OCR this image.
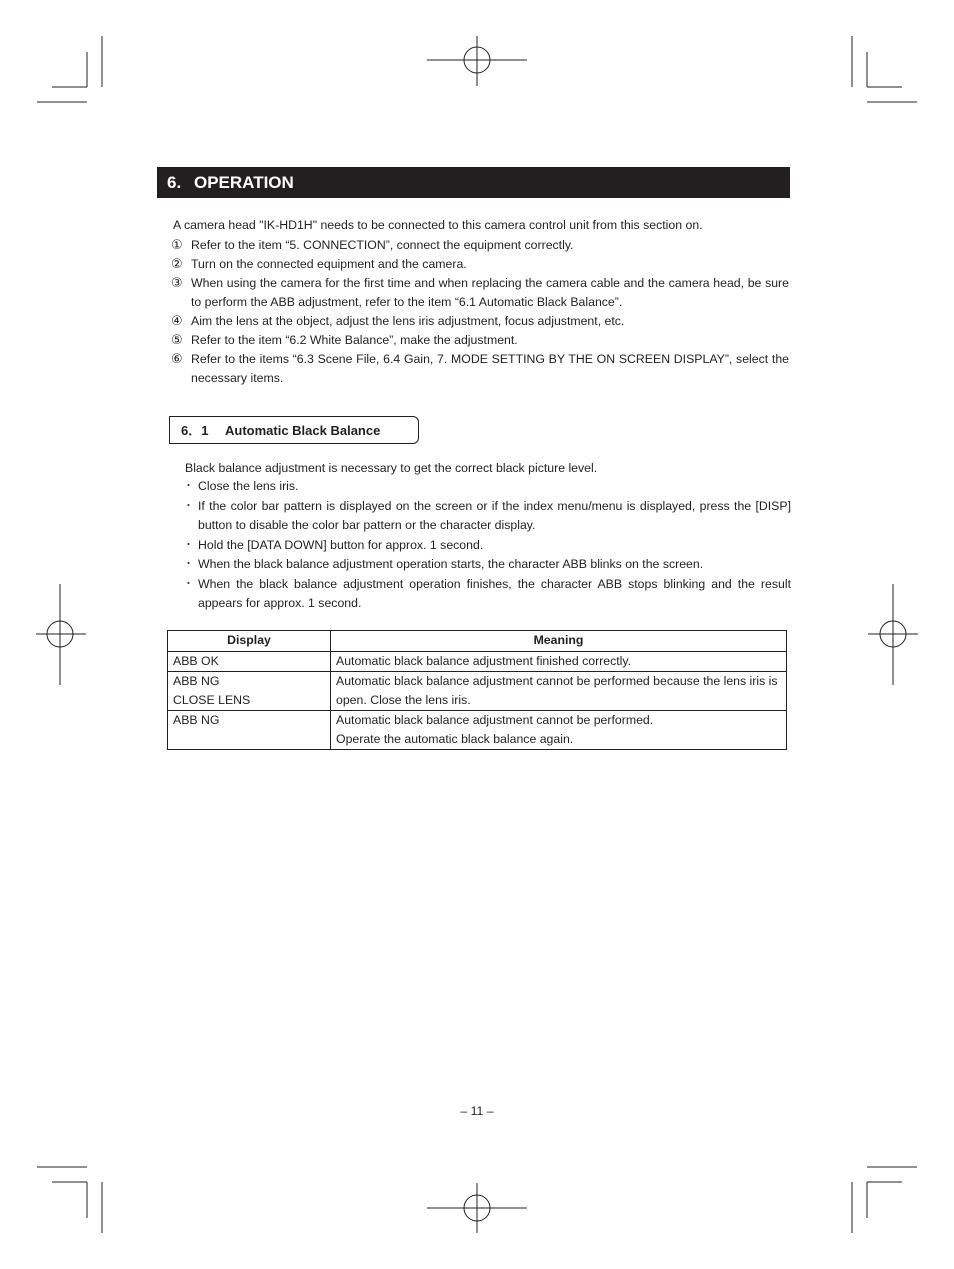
6. OPERATION
A camera head "IK-HD1H" needs to be connected to this camera control unit from this section on.
① Refer to the item “5. CONNECTION”, connect the equipment correctly.
② Turn on the connected equipment and the camera.
③ When using the camera for the first time and when replacing the camera cable and the camera head, be sure to perform the ABB adjustment, refer to the item “6.1 Automatic Black Balance”.
④ Aim the lens at the object, adjust the lens iris adjustment, focus adjustment, etc.
⑤ Refer to the item “6.2 White Balance”, make the adjustment.
⑥ Refer to the items “6.3 Scene File, 6.4 Gain, 7. MODE SETTING BY THE ON SCREEN DISPLAY”, select the necessary items.
6．1 Automatic Black Balance
Black balance adjustment is necessary to get the correct black picture level.
・ Close the lens iris.
・ If the color bar pattern is displayed on the screen or if the index menu/menu is displayed, press the [DISP] button to disable the color bar pattern or the character display.
・ Hold the [DATA DOWN] button for approx. 1 second.
・ When the black balance adjustment operation starts, the character ABB blinks on the screen.
・ When the black balance adjustment operation finishes, the character ABB stops blinking and the result appears for approx. 1 second.
Display	Meaning

ABB OK	Automatic black balance adjustment finished correctly.

ABB NG
CLOSE LENS	Automatic black balance adjustment cannot be performed because the lens iris is open. Close the lens iris.

ABB NG	Automatic black balance adjustment cannot be performed.
Operate the automatic black balance again.
– 11 –
